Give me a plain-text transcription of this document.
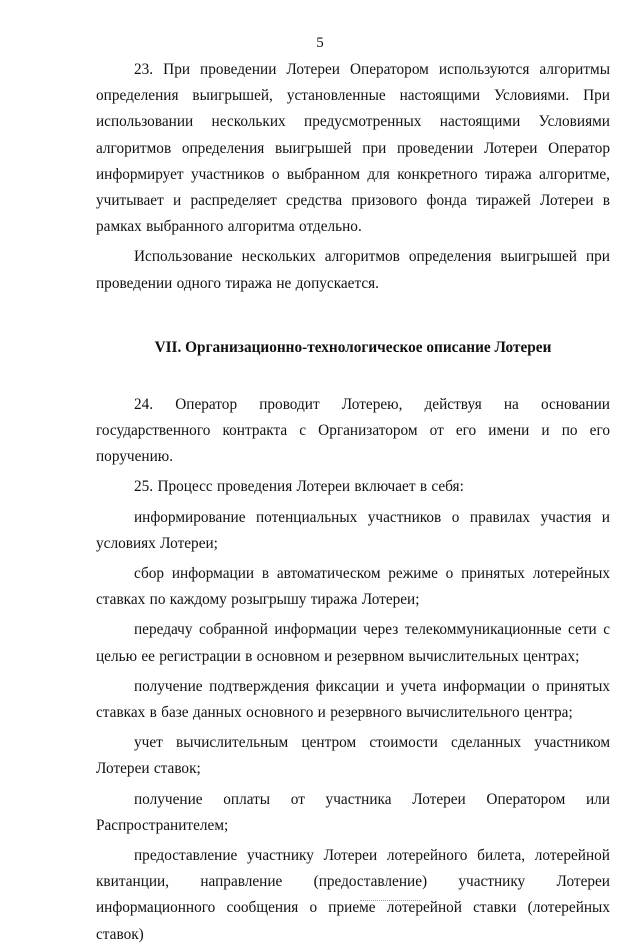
5

23. При проведении Лотереи Оператором используются алгоритмы определения выигрышей, установленные настоящими Условиями. При использовании нескольких предусмотренных настоящими Условиями алгоритмов определения выигрышей при проведении Лотереи Оператор информирует участников о выбранном для конкретного тиража алгоритме, учитывает и распределяет средства призового фонда тиражей Лотереи в рамках выбранного алгоритма отдельно.

Использование нескольких алгоритмов определения выигрышей при проведении одного тиража не допускается.

VII. Организационно-технологическое описание Лотереи

24. Оператор проводит Лотерею, действуя на основании государственного контракта с Организатором от его имени и по его поручению.

25. Процесс проведения Лотереи включает в себя:

информирование потенциальных участников о правилах участия и условиях Лотереи;

сбор информации в автоматическом режиме о принятых лотерейных ставках по каждому розыгрышу тиража Лотереи;

передачу собранной информации через телекоммуникационные сети с целью ее регистрации в основном и резервном вычислительных центрах;

получение подтверждения фиксации и учета информации о принятых ставках в базе данных основного и резервного вычислительного центра;

учет вычислительным центром стоимости сделанных участником Лотереи ставок;

получение оплаты от участника Лотереи Оператором или Распространителем;

предоставление участнику Лотереи лотерейного билета, лотерейной квитанции, направление (предоставление) участнику Лотереи информационного сообщения о приеме лотерейной ставки (лотерейных ставок)
